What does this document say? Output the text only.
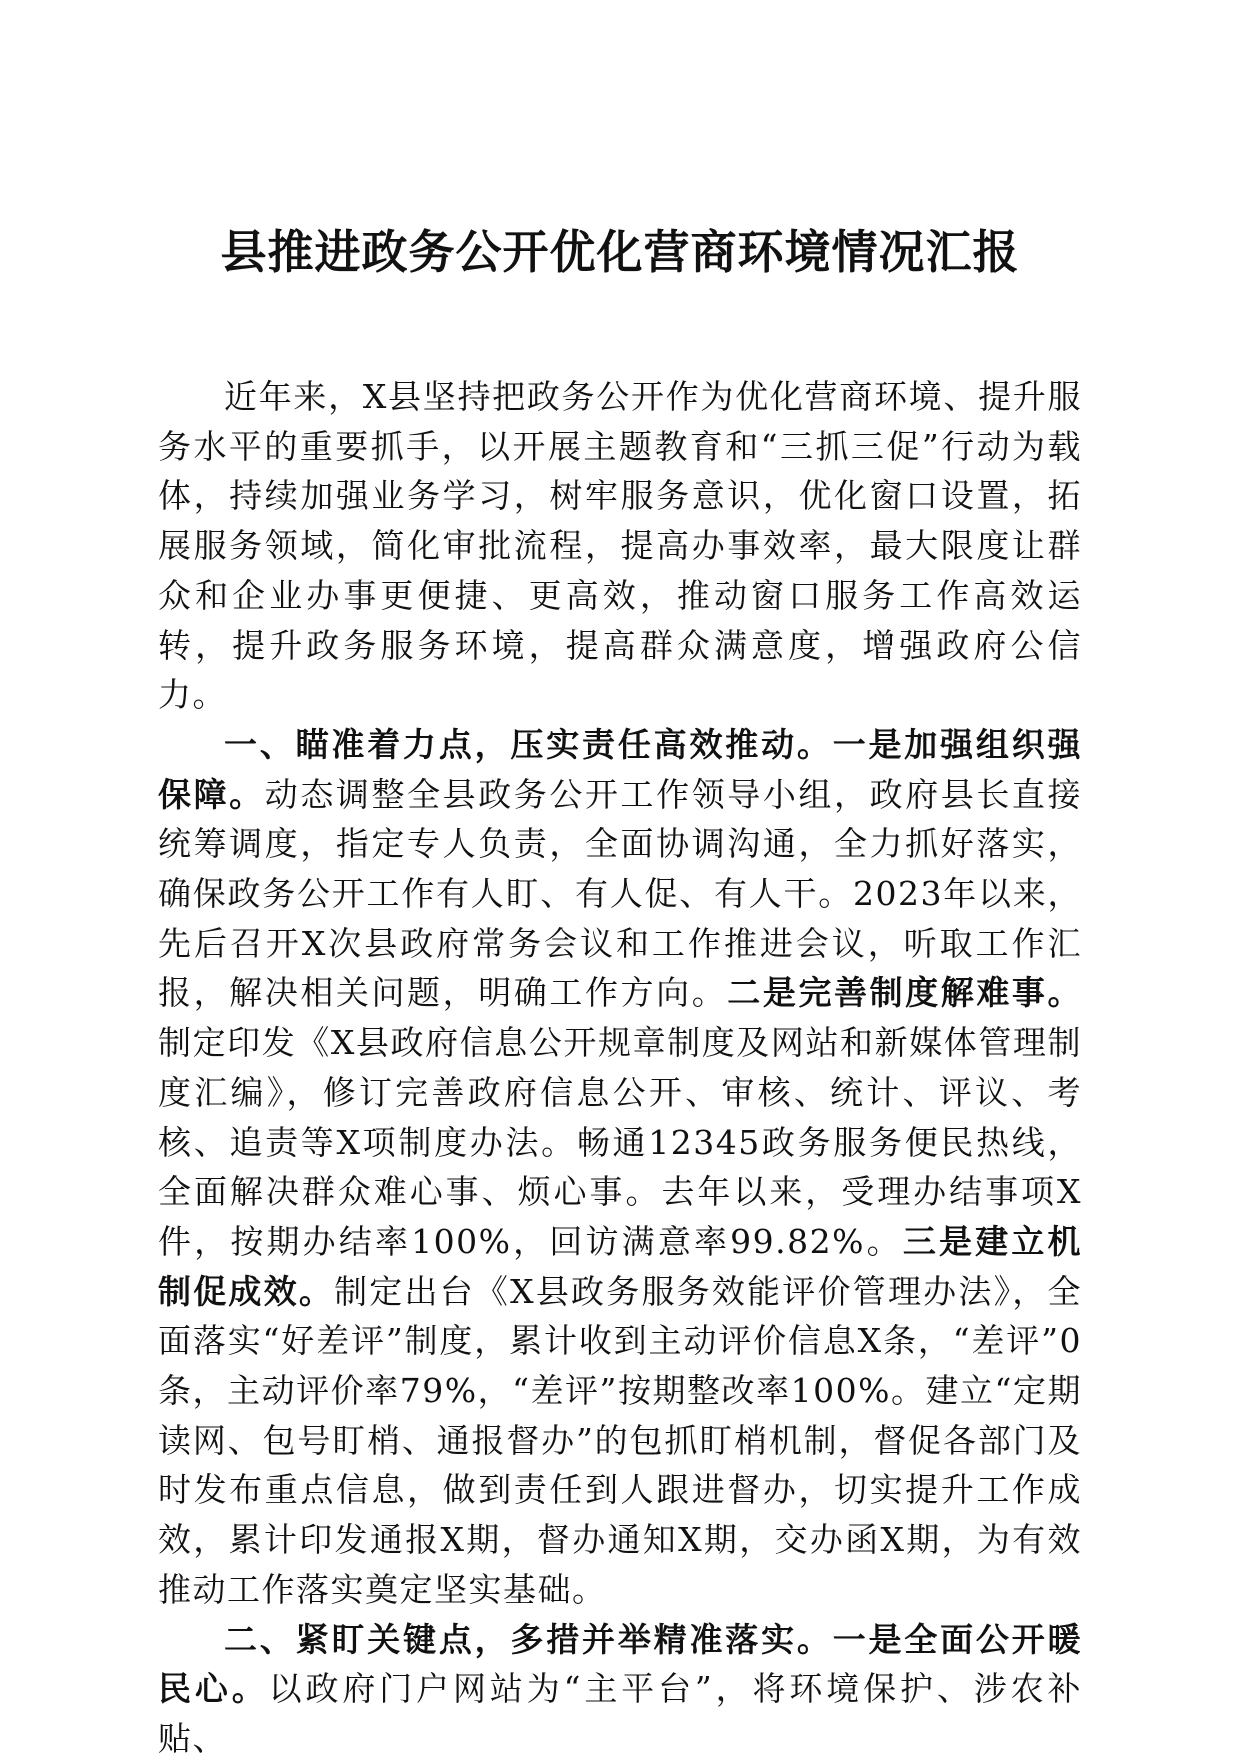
县推进政务公开优化营商环境情况汇报

近年来，X县坚持把政务公开作为优化营商环境、提升服务水平的重要抓手，以开展主题教育和“三抓三促”行动为载体，持续加强业务学习，树牢服务意识，优化窗口设置，拓展服务领域，简化审批流程，提高办事效率，最大限度让群众和企业办事更便捷、更高效，推动窗口服务工作高效运转，提升政务服务环境，提高群众满意度，增强政府公信力。

一、瞄准着力点，压实责任高效推动。一是加强组织强保障。动态调整全县政务公开工作领导小组，政府县长直接统筹调度，指定专人负责，全面协调沟通，全力抓好落实，确保政务公开工作有人盯、有人促、有人干。2023年以来，先后召开X次县政府常务会议和工作推进会议，听取工作汇报，解决相关问题，明确工作方向。二是完善制度解难事。制定印发《X县政府信息公开规章制度及网站和新媒体管理制度汇编》，修订完善政府信息公开、审核、统计、评议、考核、追责等X项制度办法。畅通12345政务服务便民热线，全面解决群众难心事、烦心事。去年以来，受理办结事项X件，按期办结率100%，回访满意率99.82%。三是建立机制促成效。制定出台《X县政务服务效能评价管理办法》，全面落实“好差评”制度，累计收到主动评价信息X条，“差评”0条，主动评价率79%，“差评”按期整改率100%。建立“定期读网、包号盯梢、通报督办”的包抓盯梢机制，督促各部门及时发布重点信息，做到责任到人跟进督办，切实提升工作成效，累计印发通报X期，督办通知X期，交办函X期，为有效推动工作落实奠定坚实基础。

二、紧盯关键点，多措并举精准落实。一是全面公开暖民心。以政府门户网站为“主平台”，将环境保护、涉农补贴、
